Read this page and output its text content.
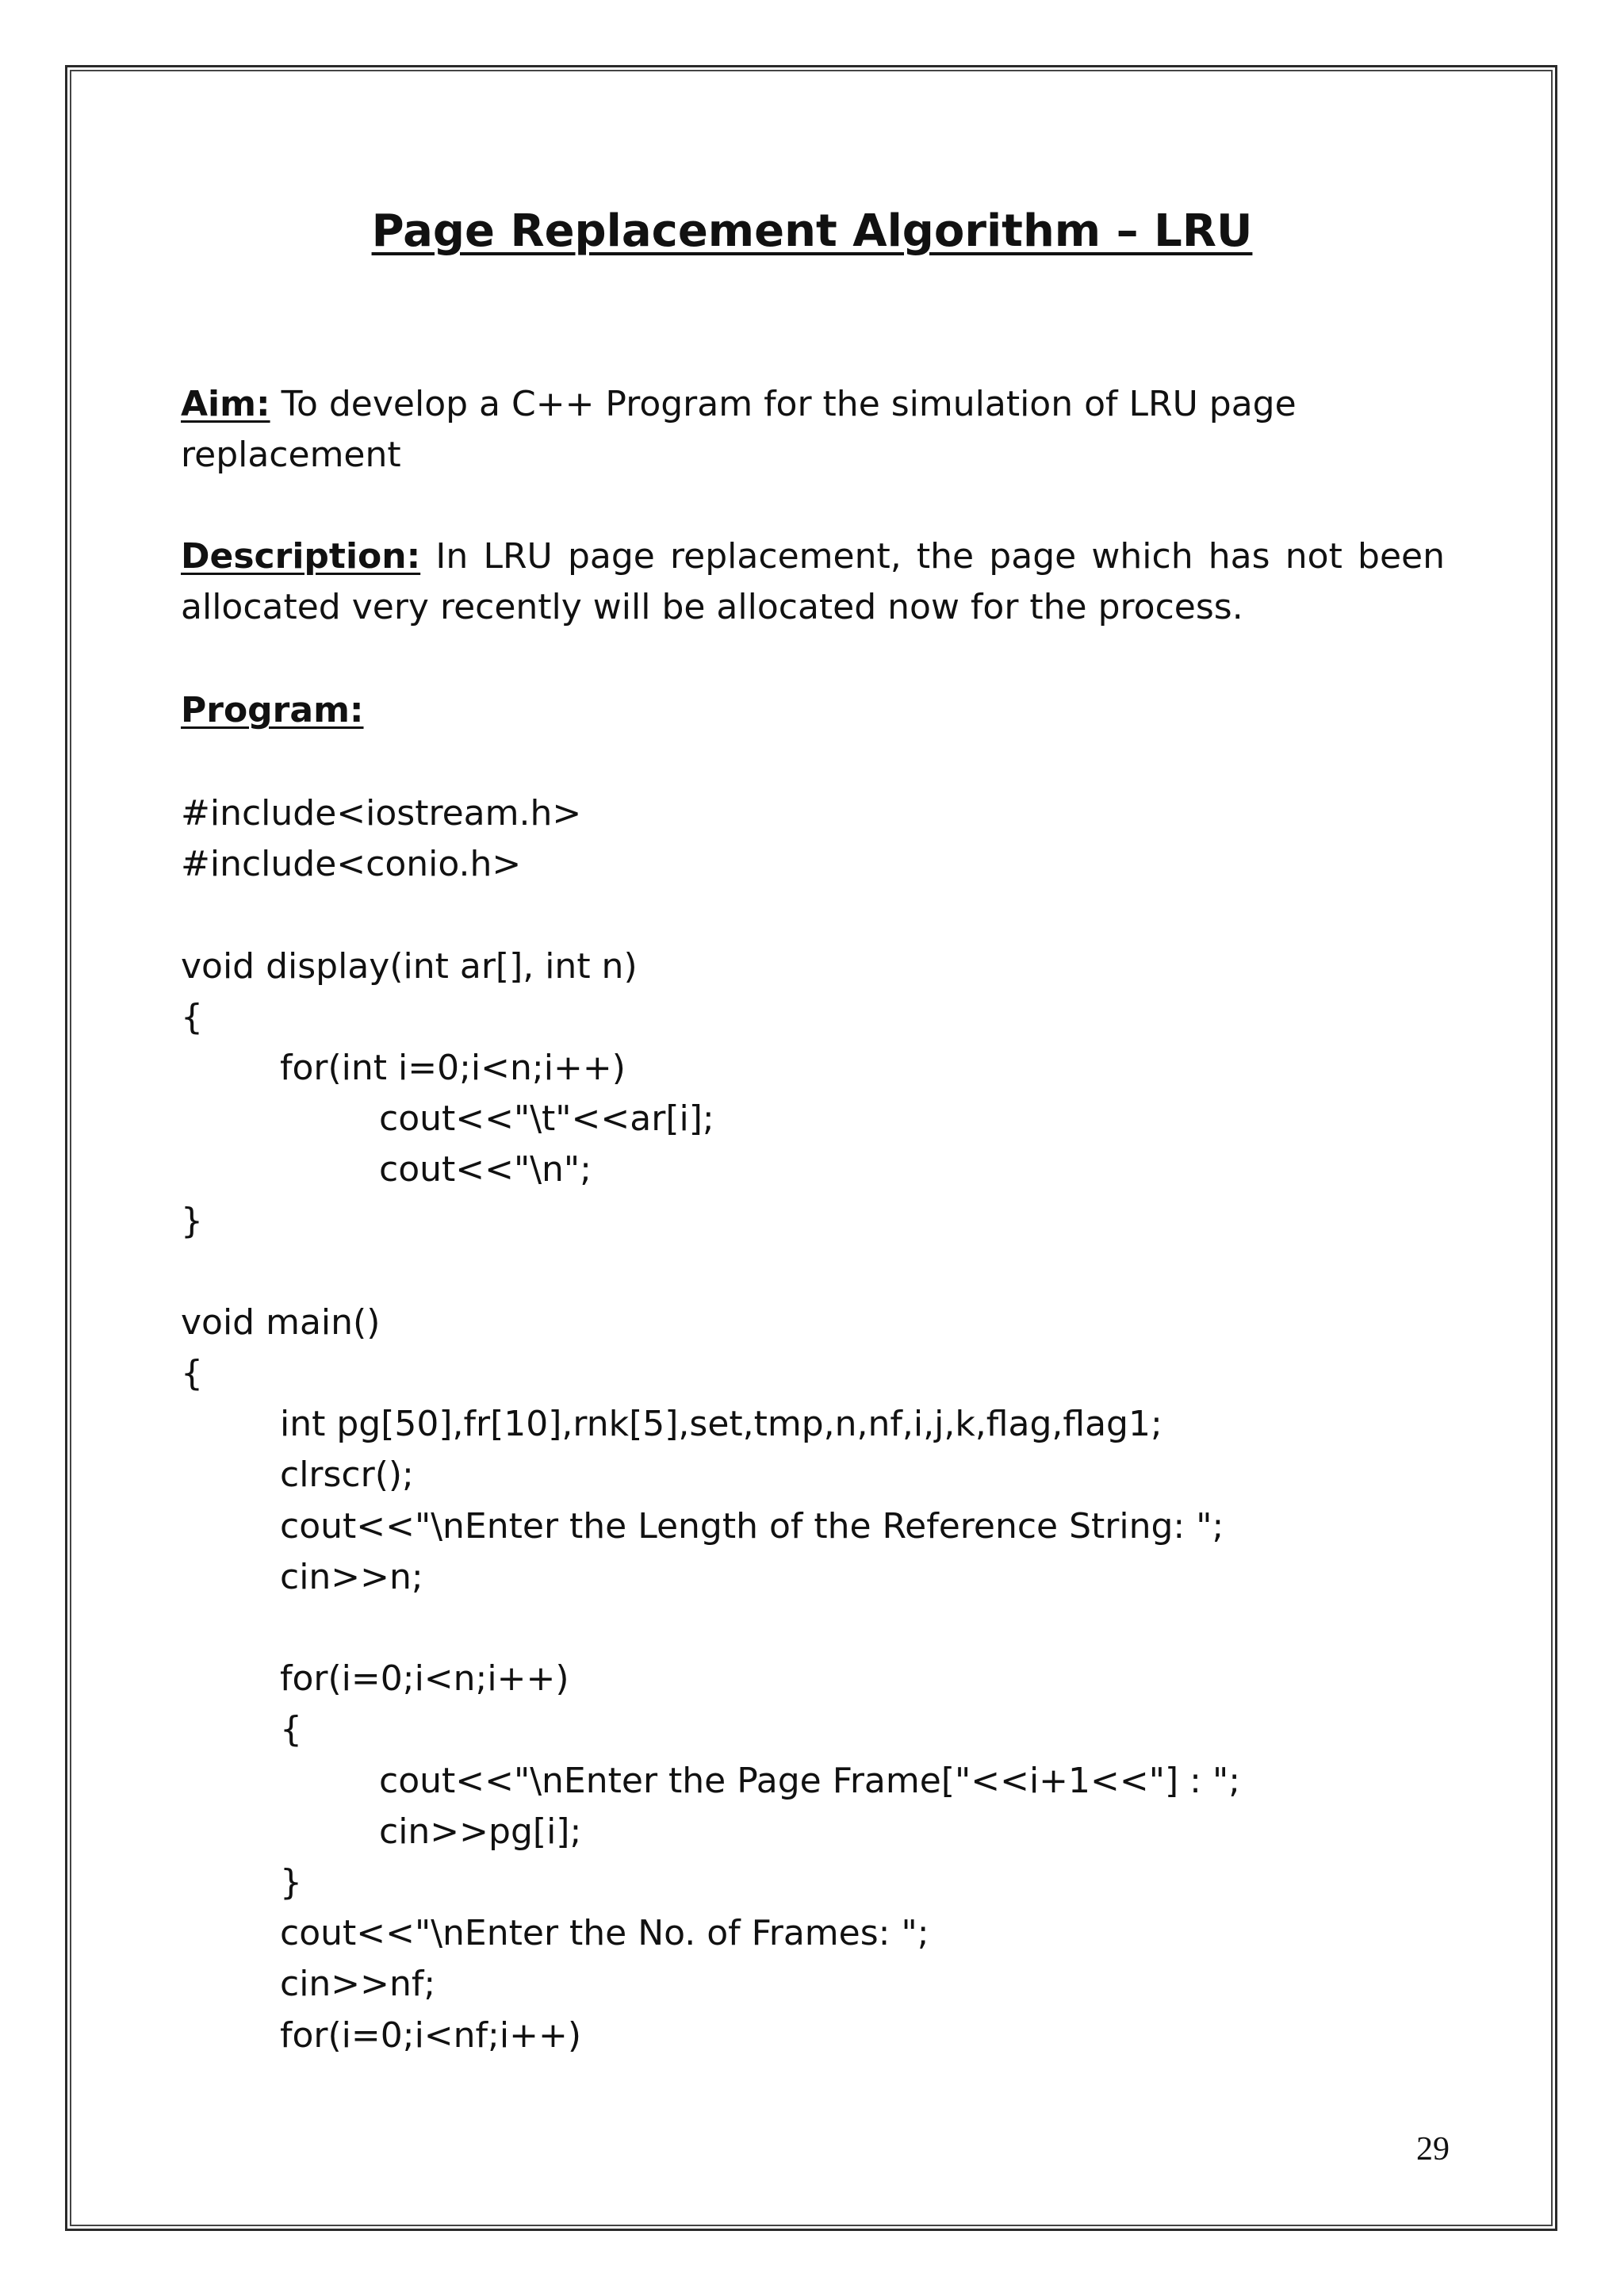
Page Replacement Algorithm – LRU
Aim: To develop a C++ Program for the simulation of LRU page
replacement
Description: In LRU page replacement, the page which has not been allocated very recently will be allocated now for the process.
Program:
#include<iostream.h>
#include<conio.h>
void display(int ar[], int n)
{
for(int i=0;i<n;i++)
cout<<"\t"<<ar[i];
cout<<"\n";
}
void main()
{
int pg[50],fr[10],rnk[5],set,tmp,n,nf,i,j,k,flag,flag1;
clrscr();
cout<<"\nEnter the Length of the Reference String: ";
cin>>n;
for(i=0;i<n;i++)
{
cout<<"\nEnter the Page Frame["<<i+1<<"] : ";
cin>>pg[i];
}
cout<<"\nEnter the No. of Frames: ";
cin>>nf;
for(i=0;i<nf;i++)
29
